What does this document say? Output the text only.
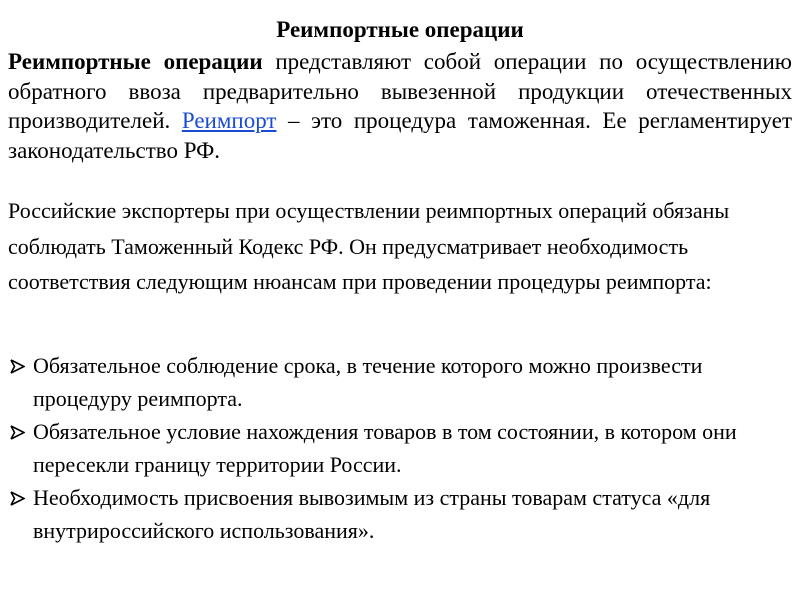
Реимпортные операции
Реимпортные операции представляют собой операции по осуществлению обратного ввоза предварительно вывезенной продукции отечественных производителей. Реимпорт – это процедура таможенная. Ее регламентирует законодательство РФ.
Российские экспортеры при осуществлении реимпортных операций обязаны соблюдать Таможенный Кодекс РФ. Он предусматривает необходимость соответствия следующим нюансам при проведении процедуры реимпорта:
Обязательное соблюдение срока, в течение которого можно произвести процедуру реимпорта.
Обязательное условие нахождения товаров в том состоянии, в котором они пересекли границу территории России.
Необходимость присвоения вывозимым из страны товарам статуса «для внутрироссийского использования».
